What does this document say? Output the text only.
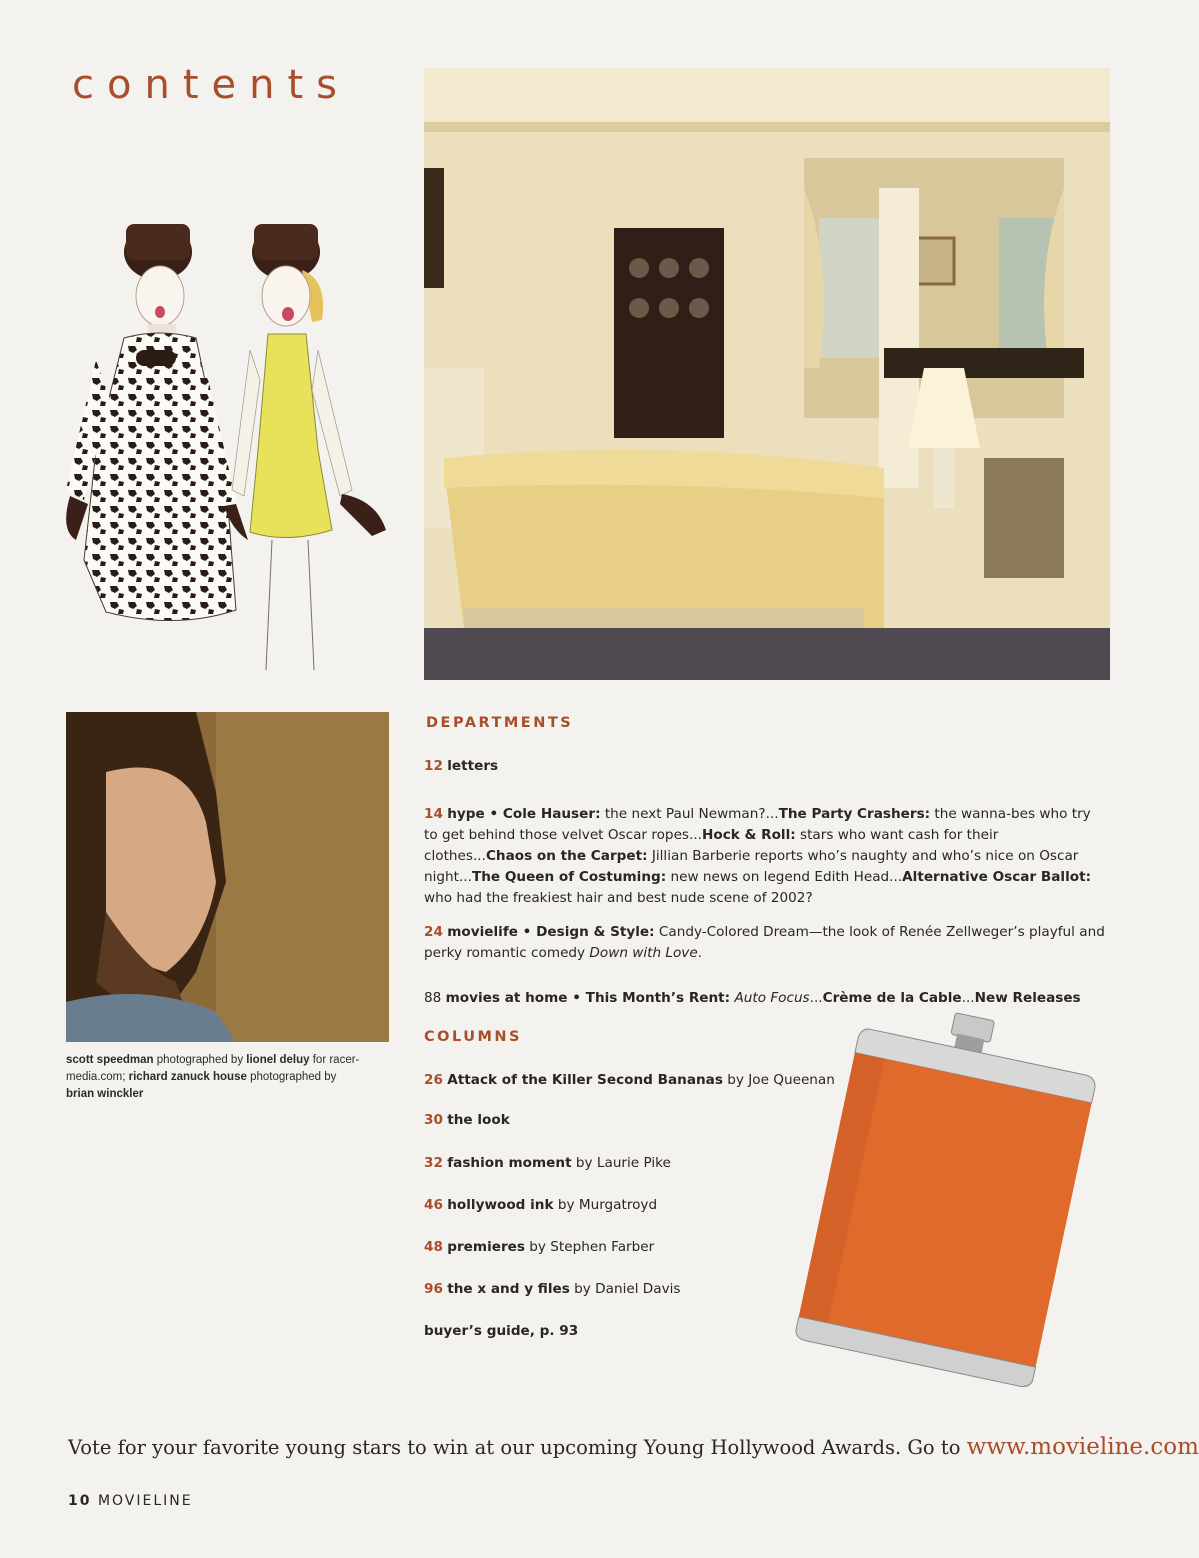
contents
scott speedman photographed by lionel deluy for racer-media.com; richard zanuck house photographed by
brian winckler
DEPARTMENTS

12 letters

14 hype • Cole Hauser: the next Paul Newman?...The Party Crashers: the wanna-bes who try to get behind those velvet Oscar ropes...Hock & Roll: stars who want cash for their clothes...Chaos on the Carpet: Jillian Barberie reports who’s naughty and who’s nice on Oscar night...The Queen of Costuming: new news on legend Edith Head...Alternative Oscar Ballot: who had the freakiest hair and best nude scene of 2002?

24 movielife • Design & Style: Candy-Colored Dream—the look of Renée Zellweger’s playful and perky romantic comedy Down with Love.

88 movies at home • This Month’s Rent: Auto Focus...Crème de la Cable...New Releases

COLUMNS

26 Attack of the Killer Second Bananas by Joe Queenan

30 the look

32 fashion moment by Laurie Pike

46 hollywood ink by Murgatroyd

48 premieres by Stephen Farber

96 the x and y files by Daniel Davis

buyer’s guide, p. 93

Vote for your favorite young stars to win at our upcoming Young Hollywood Awards. Go to www.movieline.com
10 MOVIELINE
